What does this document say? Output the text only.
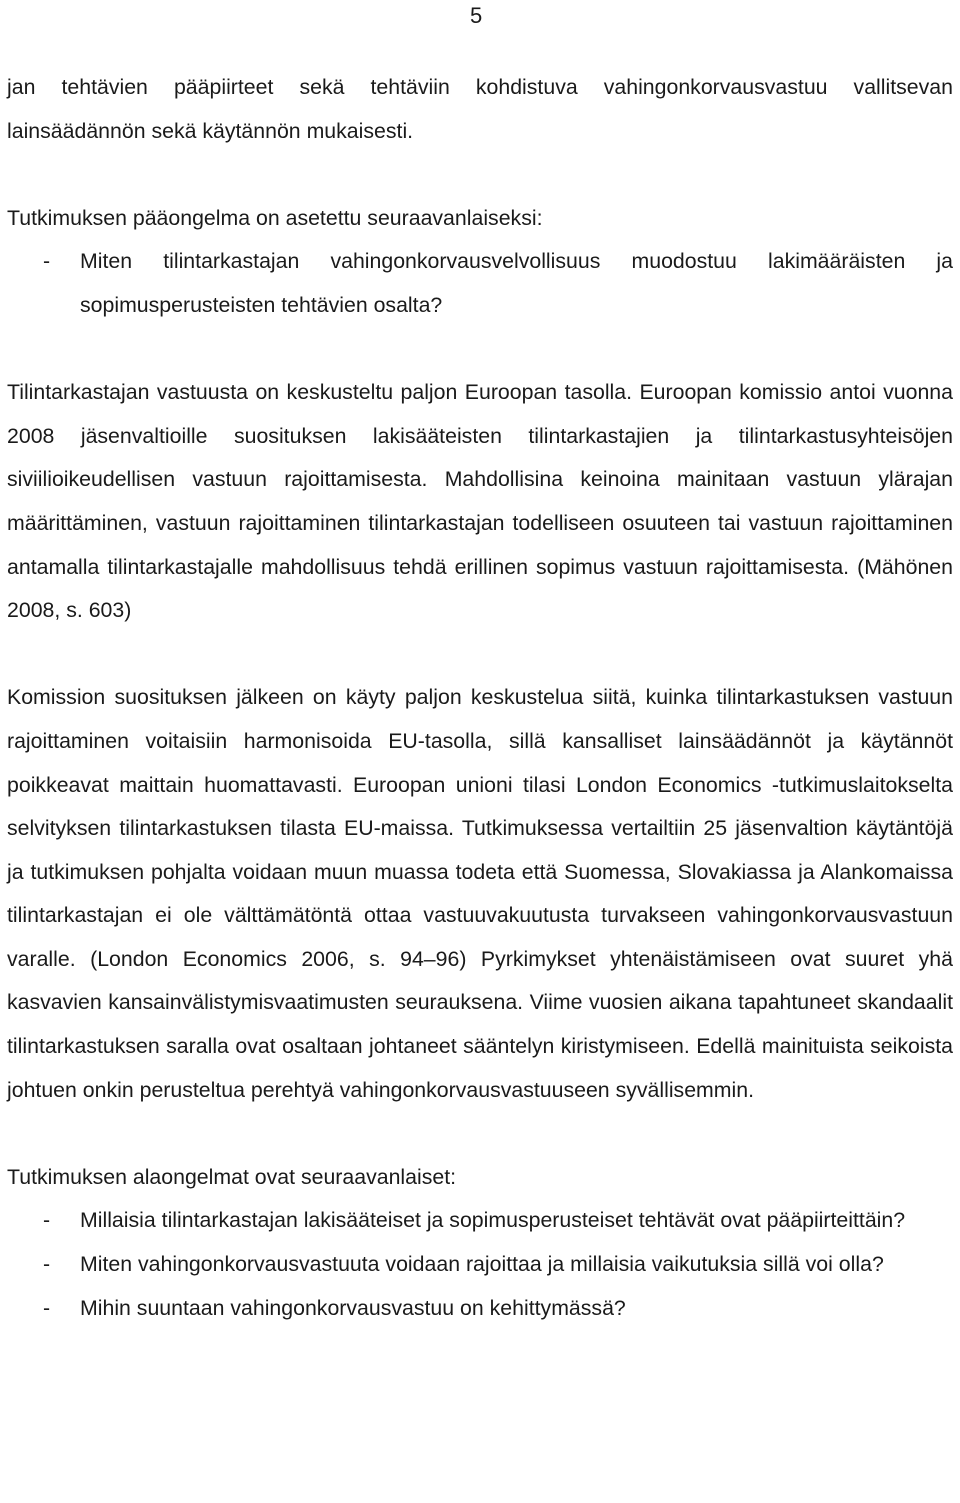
5

jan tehtävien pääpiirteet sekä tehtäviin kohdistuva vahingonkorvausvastuu vallitsevan lainsäädännön sekä käytännön mukaisesti.

Tutkimuksen pääongelma on asetettu seuraavanlaiseksi:

- Miten tilintarkastajan vahingonkorvausvelvollisuus muodostuu lakimääräisten ja sopimusperusteisten tehtävien osalta?

Tilintarkastajan vastuusta on keskusteltu paljon Euroopan tasolla. Euroopan komissio antoi vuonna 2008 jäsenvaltioille suosituksen lakisääteisten tilintarkastajien ja tilintarkastusyhteisöjen siviilioikeudellisen vastuun rajoittamisesta. Mahdollisina keinoina mainitaan vastuun ylärajan määrittäminen, vastuun rajoittaminen tilintarkastajan todelliseen osuuteen tai vastuun rajoittaminen antamalla tilintarkastajalle mahdollisuus tehdä erillinen sopimus vastuun rajoittamisesta. (Mähönen 2008, s. 603)

Komission suosituksen jälkeen on käyty paljon keskustelua siitä, kuinka tilintarkastuksen vastuun rajoittaminen voitaisiin harmonisoida EU-tasolla, sillä kansalliset lainsäädännöt ja käytännöt poikkeavat maittain huomattavasti. Euroopan unioni tilasi London Economics -tutkimuslaitokselta selvityksen tilintarkastuksen tilasta EU-maissa. Tutkimuksessa vertailtiin 25 jäsenvaltion käytäntöjä ja tutkimuksen pohjalta voidaan muun muassa todeta että Suomessa, Slovakiassa ja Alankomaissa tilintarkastajan ei ole välttämätöntä ottaa vastuuvakuutusta turvakseen vahingonkorvausvastuun varalle. (London Economics 2006, s. 94–96) Pyrkimykset yhtenäistämiseen ovat suuret yhä kasvavien kansainvälistymisvaatimusten seurauksena. Viime vuosien aikana tapahtuneet skandaalit tilintarkastuksen saralla ovat osaltaan johtaneet sääntelyn kiristymiseen. Edellä mainituista seikoista johtuen onkin perusteltua perehtyä vahingonkorvausvastuuseen syvällisemmin.

Tutkimuksen alaongelmat ovat seuraavanlaiset:

- Millaisia tilintarkastajan lakisääteiset ja sopimusperusteiset tehtävät ovat pääpiirteittäin?
- Miten vahingonkorvausvastuuta voidaan rajoittaa ja millaisia vaikutuksia sillä voi olla?
- Mihin suuntaan vahingonkorvausvastuu on kehittymässä?
